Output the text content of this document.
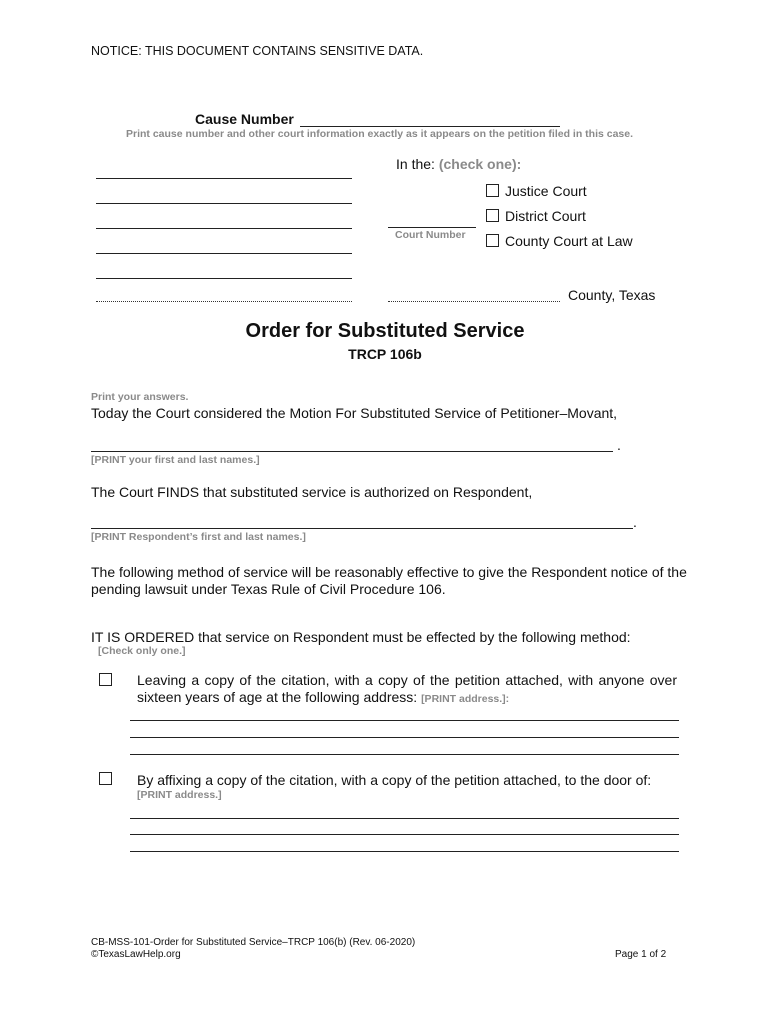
NOTICE: THIS DOCUMENT CONTAINS SENSITIVE DATA.
Cause Number
Print cause number and other court information exactly as it appears on the petition filed in this case.
In the: (check one):
Justice Court
District Court
Court Number	County Court at Law
County, Texas
Order for Substituted Service
TRCP 106b
Print your answers.
Today the Court considered the Motion For Substituted Service of Petitioner–Movant,
.
[PRINT your first and last names.]
The Court FINDS that substituted service is authorized on Respondent,
.
[PRINT Respondent’s first and last names.]
The following method of service will be reasonably effective to give the Respondent notice of the
pending lawsuit under Texas Rule of Civil Procedure 106.
IT IS ORDERED that service on Respondent must be effected by the following method:
[Check only one.]
Leaving a copy of the citation, with a copy of the petition attached, with anyone over
sixteen years of age at the following address: [PRINT address.]:
By affixing a copy of the citation, with a copy of the petition attached, to the door of:
[PRINT address.]
CB-MSS-101-Order for Substituted Service–TRCP 106(b) (Rev. 06-2020)
©TexasLawHelp.org	Page 1 of 2
